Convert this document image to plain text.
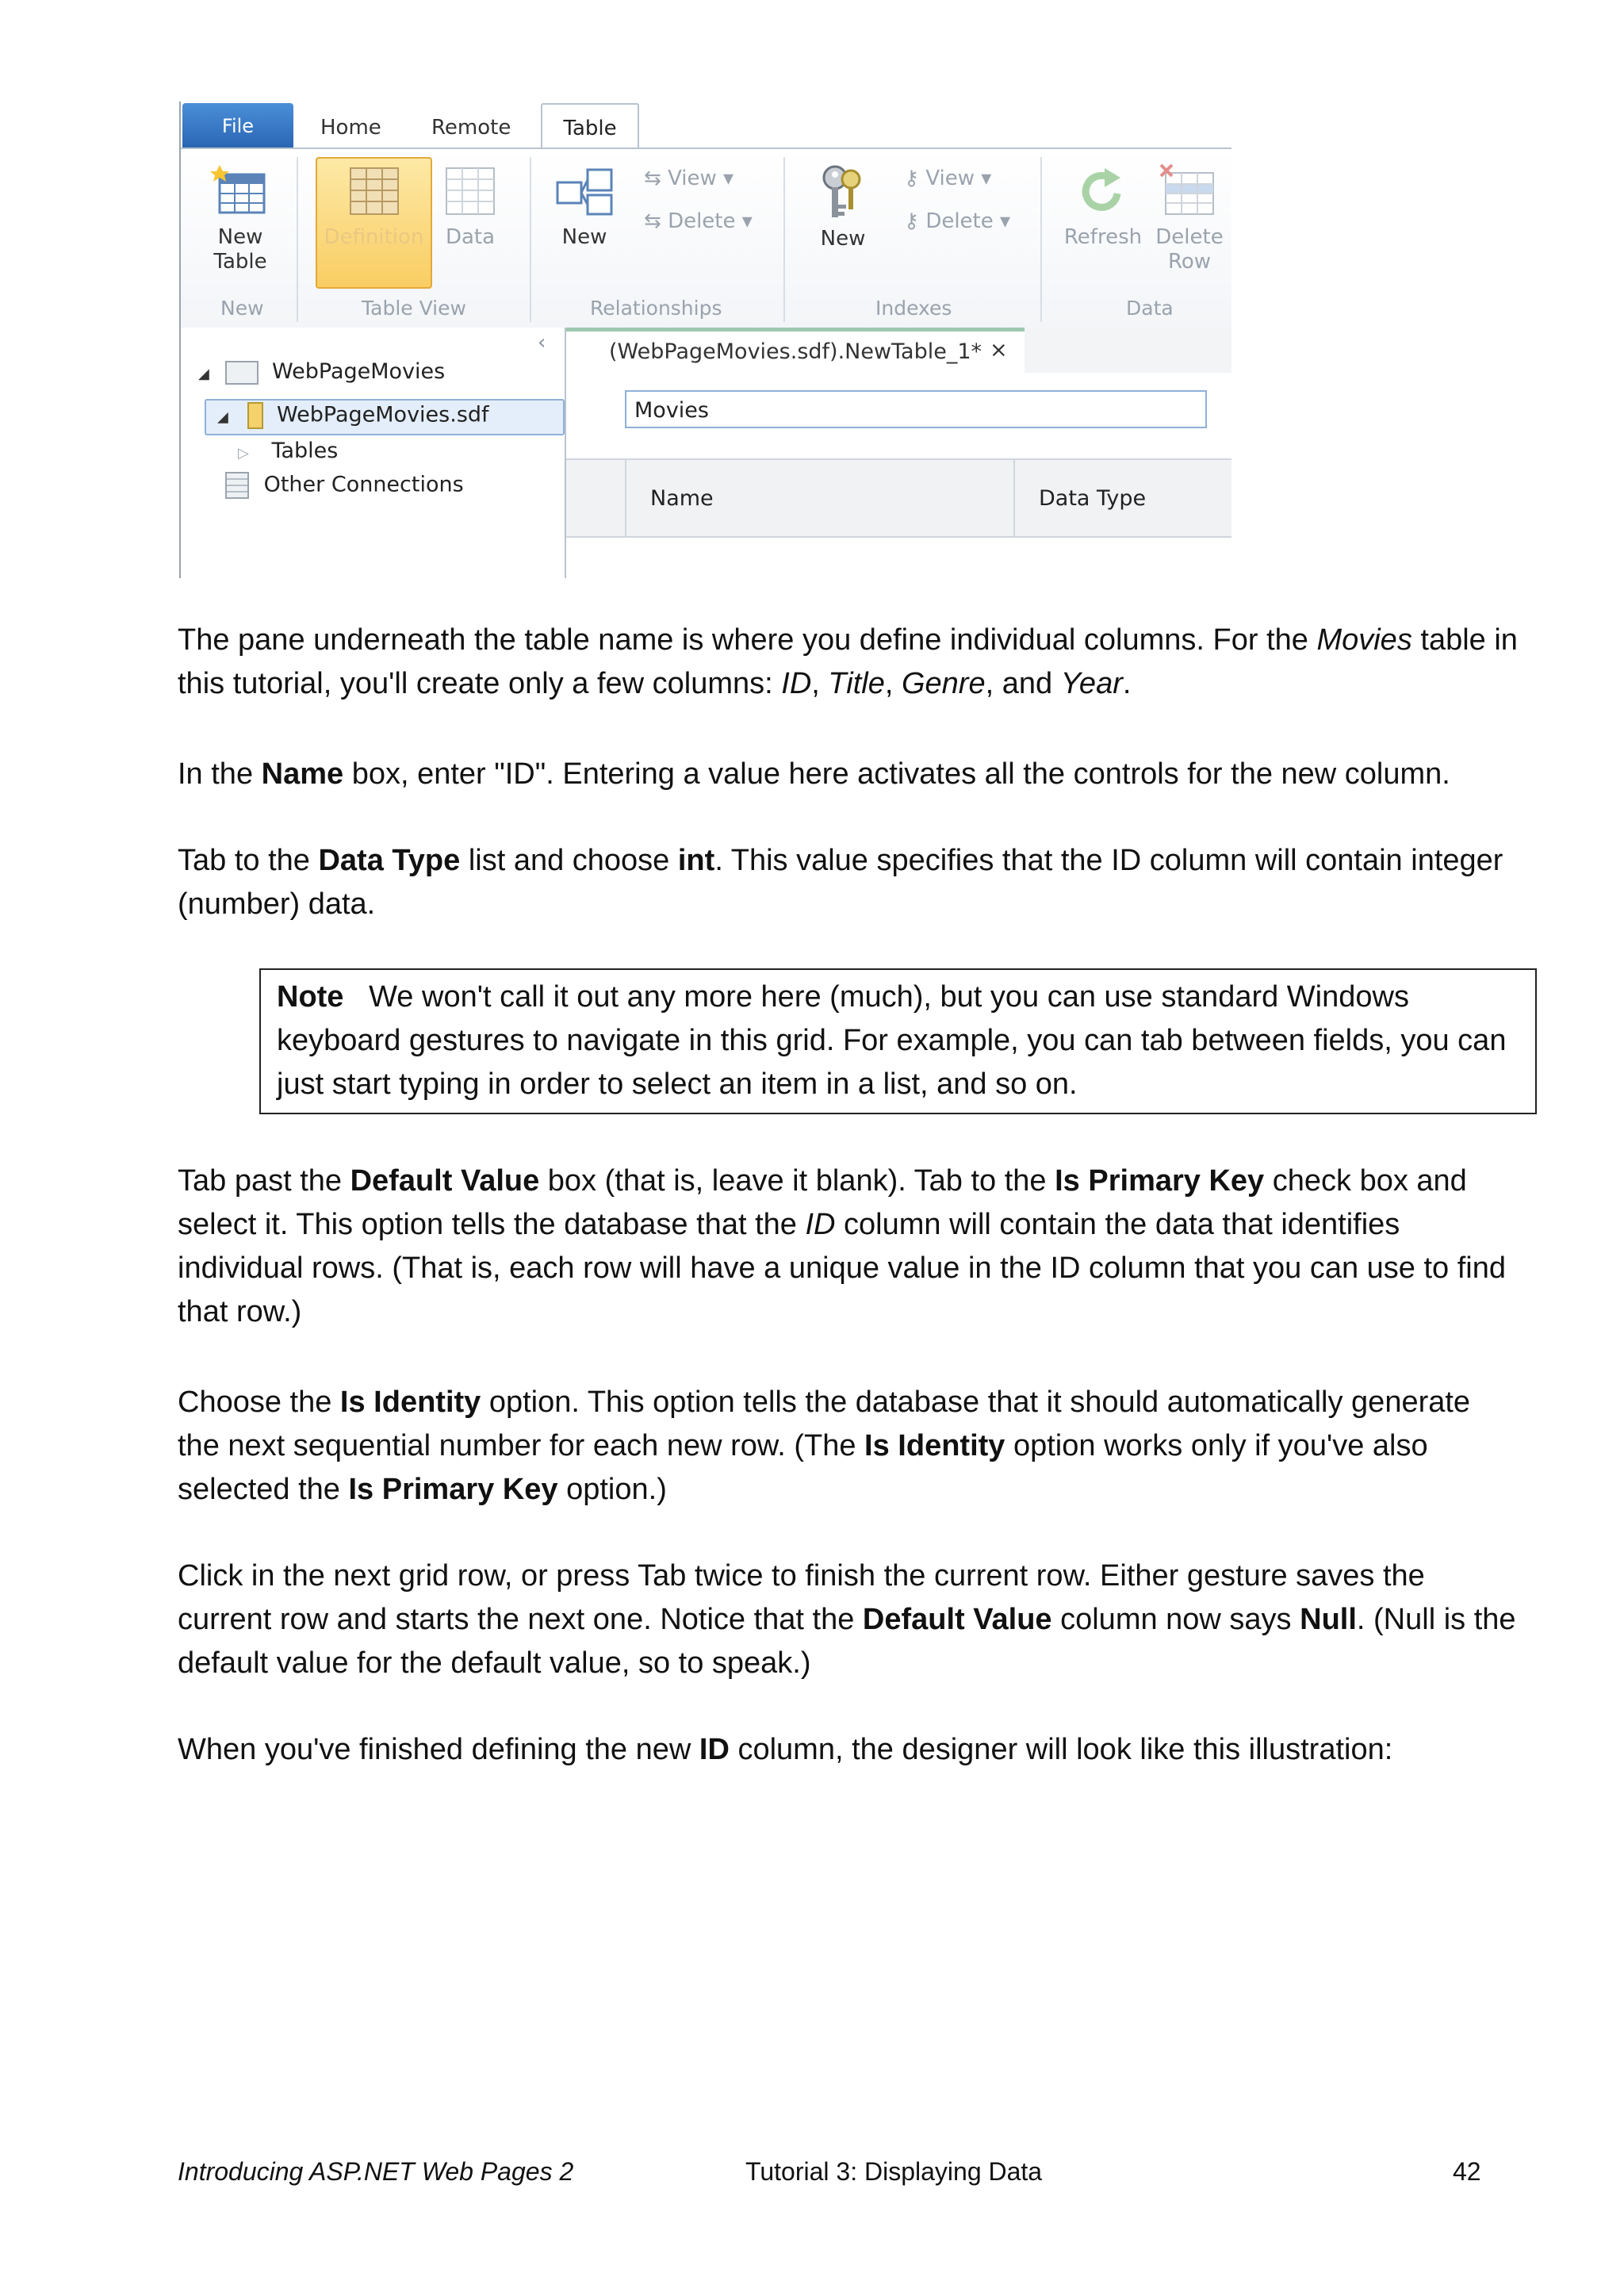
File	Home Remote	Table
New
Table
Definition	Data	New
⇆ View ▾
⇆ Delete ▾
New
⚷ View ▾
⚷ Delete ▾
Refresh Delete
Row
New	Table View	Relationships	Indexes	Data
‹
◢	WebPageMovies
◢ WebPageMovies.sdf
▷ Tables
Other Connections
(WebPageMovies.sdf).NewTable_1* ×
Movies
Name	Data Type

The pane underneath the table name is where you define individual columns. For the Movies table in this tutorial, you'll create only a few columns: ID, Title, Genre, and Year.

In the Name box, enter "ID". Entering a value here activates all the controls for the new column.

Tab to the Data Type list and choose int. This value specifies that the ID column will contain integer (number) data.

Note   We won't call it out any more here (much), but you can use standard Windows keyboard gestures to navigate in this grid. For example, you can tab between fields, you can just start typing in order to select an item in a list, and so on.

Tab past the Default Value box (that is, leave it blank). Tab to the Is Primary Key check box and select it. This option tells the database that the ID column will contain the data that identifies individual rows. (That is, each row will have a unique value in the ID column that you can use to find that row.)

Choose the Is Identity option. This option tells the database that it should automatically generate the next sequential number for each new row. (The Is Identity option works only if you've also selected the Is Primary Key option.)

Click in the next grid row, or press Tab twice to finish the current row. Either gesture saves the current row and starts the next one. Notice that the Default Value column now says Null. (Null is the default value for the default value, so to speak.)

When you've finished defining the new ID column, the designer will look like this illustration:

Introducing ASP.NET Web Pages 2	Tutorial 3: Displaying Data	42
